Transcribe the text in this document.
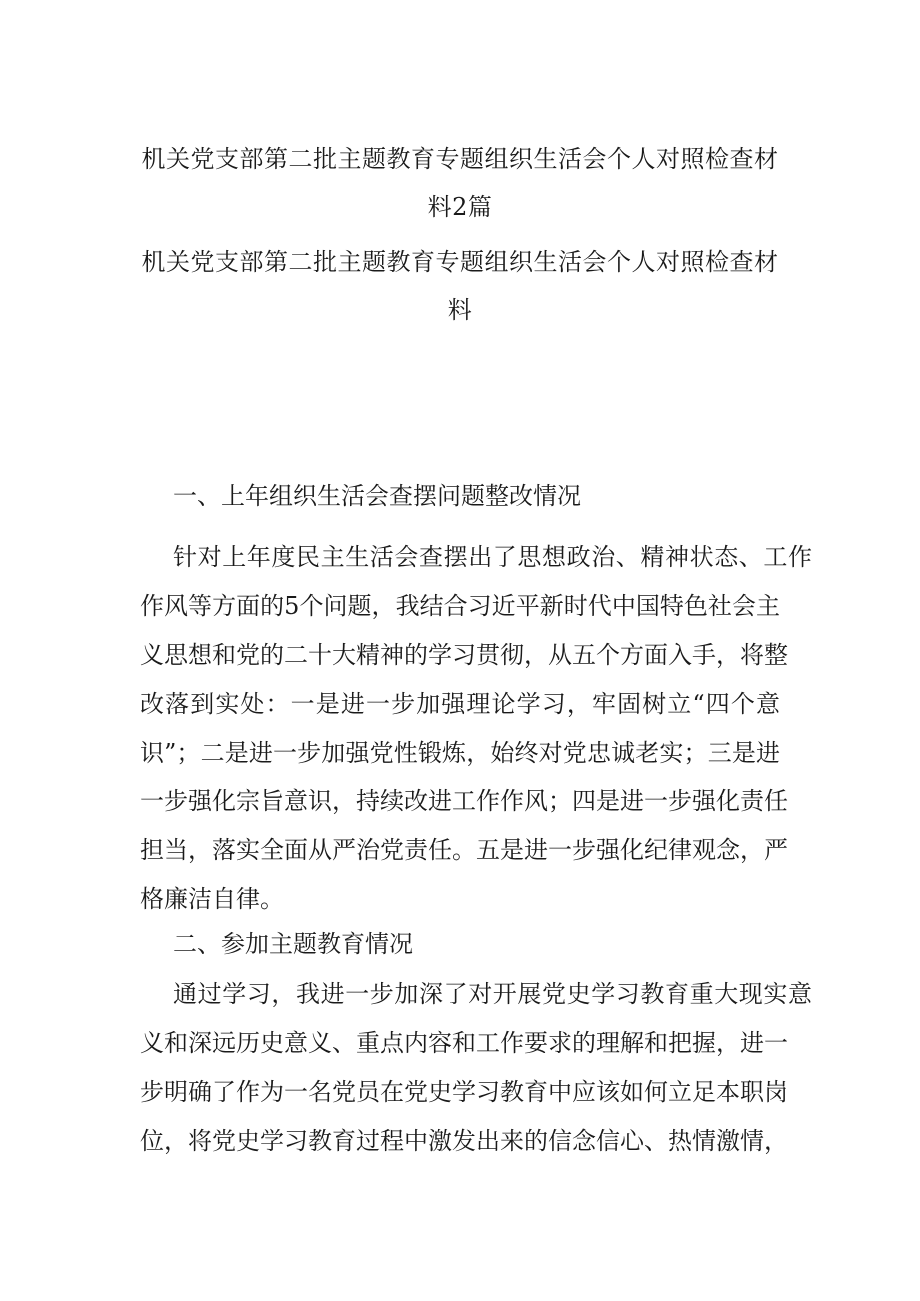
机关党支部第二批主题教育专题组织生活会个人对照检查材料2篇
机关党支部第二批主题教育专题组织生活会个人对照检查材料
一、上年组织生活会查摆问题整改情况
针对上年度民主生活会查摆出了思想政治、精神状态、工作
作风等方面的5个问题，我结合习近平新时代中国特色社会主
义思想和党的二十大精神的学习贯彻，从五个方面入手，将整
改落到实处：一是进一步加强理论学习，牢固树立“四个意
识”；二是进一步加强党性锻炼，始终对党忠诚老实；三是进
一步强化宗旨意识，持续改进工作作风；四是进一步强化责任
担当，落实全面从严治党责任。五是进一步强化纪律观念，严
格廉洁自律。
二、参加主题教育情况
通过学习，我进一步加深了对开展党史学习教育重大现实意
义和深远历史意义、重点内容和工作要求的理解和把握，进一
步明确了作为一名党员在党史学习教育中应该如何立足本职岗
位，将党史学习教育过程中激发出来的信念信心、热情激情，
